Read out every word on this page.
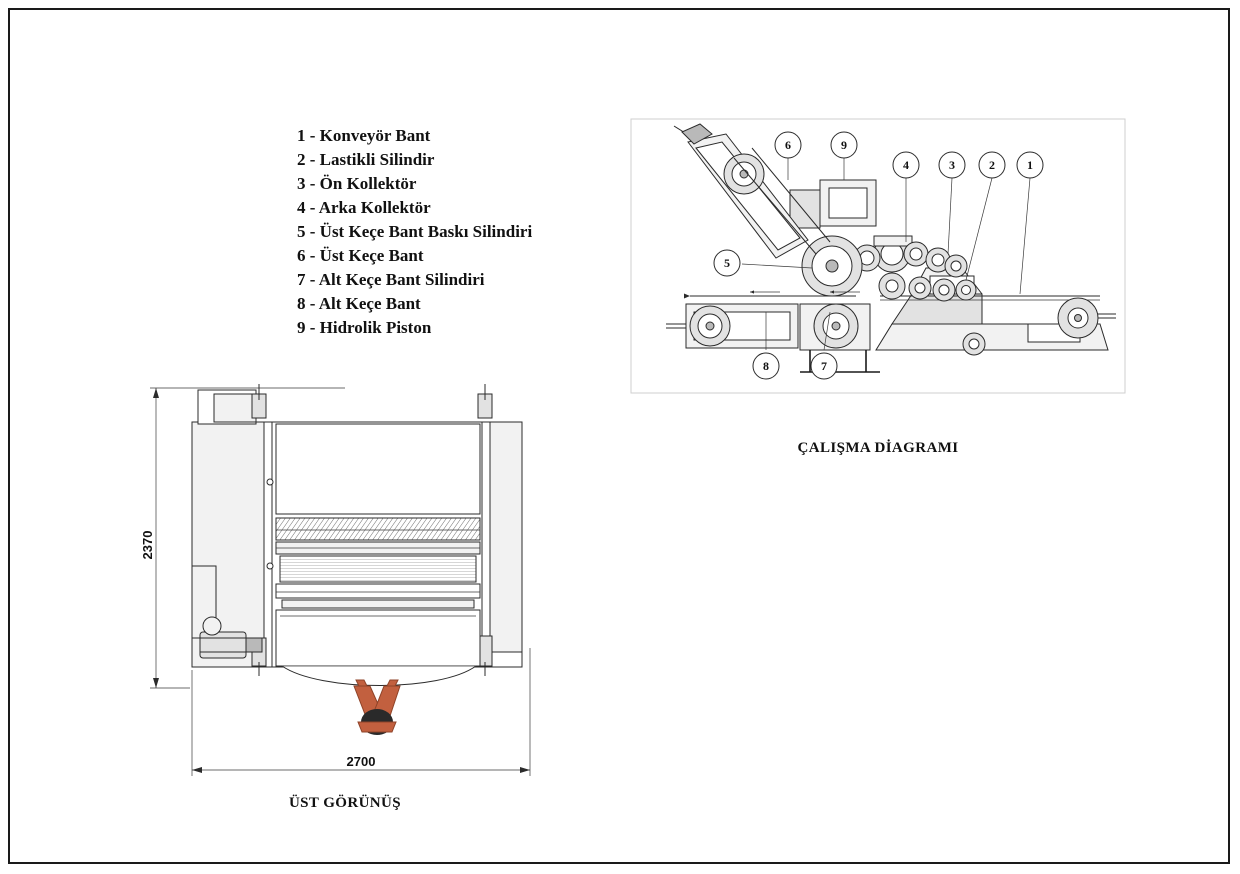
1 - Konveyör Bant
2 - Lastikli Silindir
3 - Ön Kollektör
4 - Arka Kollektör
5 - Üst Keçe Bant Baskı Silindiri
6 - Üst Keçe Bant
7 - Alt Keçe Bant Silindiri
8 - Alt Keçe Bant
9 - Hidrolik Piston
6	9
4	3	2	1
5
8	7
ÇALIŞMA DİAGRAMI
2370
2700
ÜST GÖRÜNÜŞ
